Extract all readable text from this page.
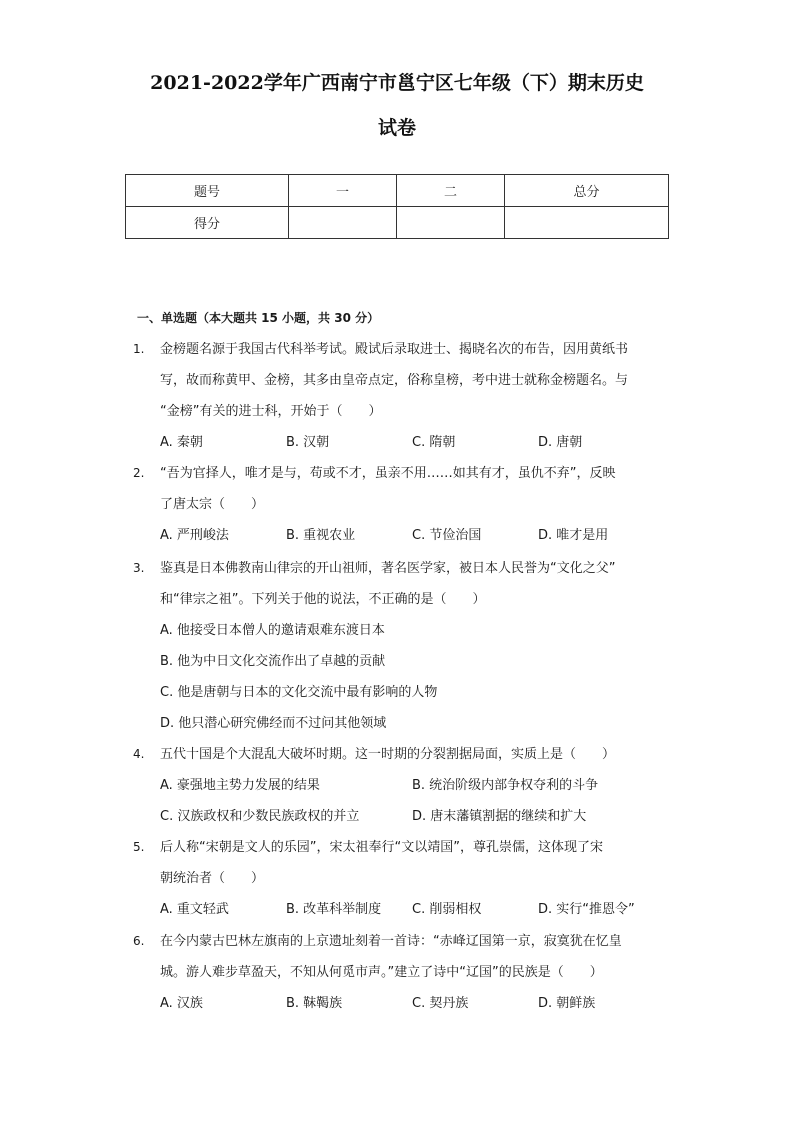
2021-2022学年广西南宁市邕宁区七年级（下）期末历史
试卷
题号	一	二	总分
得分			
一、单选题（本大题共 15 小题，共 30 分）
1.	金榜题名源于我国古代科举考试。殿试后录取进士、揭晓名次的布告，因用黄纸书
写，故而称黄甲、金榜，其多由皇帝点定，俗称皇榜，考中进士就称金榜题名。与
“金榜”有关的进士科，开始于（　　）
A. 秦朝	B. 汉朝	C. 隋朝	D. 唐朝
2.	“吾为官择人，唯才是与，苟或不才，虽亲不用……如其有才，虽仇不弃”，反映
了唐太宗（　　）
A. 严刑峻法	B. 重视农业	C. 节俭治国	D. 唯才是用
3.	鉴真是日本佛教南山律宗的开山祖师，著名医学家，被日本人民誉为“文化之父”
和“律宗之祖”。下列关于他的说法，不正确的是（　　）
A. 他接受日本僧人的邀请艰难东渡日本
B. 他为中日文化交流作出了卓越的贡献
C. 他是唐朝与日本的文化交流中最有影响的人物
D. 他只潜心研究佛经而不过问其他领域
4.	五代十国是个大混乱大破坏时期。这一时期的分裂割据局面，实质上是（　　）
A. 豪强地主势力发展的结果	B. 统治阶级内部争权夺利的斗争
C. 汉族政权和少数民族政权的并立	D. 唐末藩镇割据的继续和扩大
5.	后人称“宋朝是文人的乐园”，宋太祖奉行“文以靖国”，尊孔崇儒，这体现了宋
朝统治者（　　）
A. 重文轻武	B. 改革科举制度 C. 削弱相权	D. 实行“推恩令”
6.	在今内蒙古巴林左旗南的上京遗址刻着一首诗：“赤峰辽国第一京，寂寞犹在忆皇
城。游人难步草盈天，不知从何觅市声。”建立了诗中“辽国”的民族是（　　）
A. 汉族	B. 靺鞨族	C. 契丹族	D. 朝鲜族
